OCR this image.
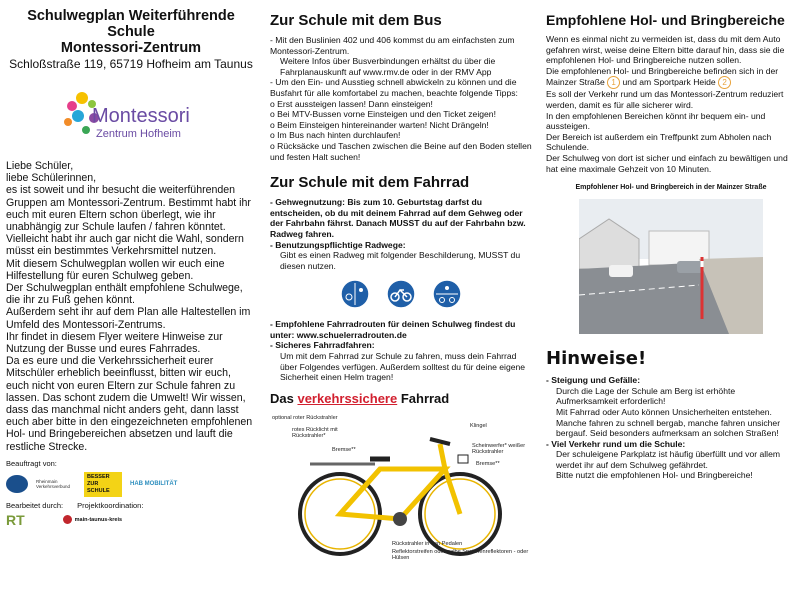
Schulwegplan Weiterführende Schule
Montessori-Zentrum
Schloßstraße 119, 65719 Hofheim am Taunus
Montessori
Zentrum Hofheim

Liebe Schüler,

liebe Schülerinnen,

es ist soweit und ihr besucht die weiterführenden Gruppen am Montessori-Zentrum. Bestimmt habt ihr euch mit euren Eltern schon überlegt, wie ihr unabhängig zur Schule laufen / fahren könntet.

Vielleicht habt ihr auch gar nicht die Wahl, sondern müsst ein bestimmtes Verkehrsmittel nutzen.

Mit diesem Schulwegplan wollen wir euch eine Hilfestellung für euren Schulweg geben.

Der Schulwegplan enthält empfohlene Schulwege, die ihr zu Fuß gehen könnt.

Außerdem seht ihr auf dem Plan alle Haltestellen im Umfeld des Montessori-Zentrums.

Ihr findet in diesem Flyer weitere Hinweise zur Nutzung der Busse und eures Fahrrades.

Da es eure und die Verkehrssicherheit eurer Mitschüler erheblich beeinflusst, bitten wir euch, euch nicht von euren Eltern zur Schule fahren zu lassen. Das schont zudem die Umwelt! Wir wissen, dass das manchmal nicht anders geht, dann lasst euch aber bitte in den eingezeichneten empfohlenen Hol- und Bringebereichen absetzen und lauft die restliche Strecke.

Beauftragt von:
Rheinmain Verkehrsverbund
BESSER ZUR SCHULE
HAB MOBILITÄT
Bearbeitet durch: Projektkoordination:
RT	main-taunus-kreis
Zur Schule mit dem Bus

- Mit den Buslinien 402 und 406 kommst du am einfachsten zum Montessori-Zentrum.

Weitere Infos über Busverbindungen erhältst du über die Fahrplanauskunft auf www.rmv.de oder in der RMV App

- Um den Ein- und Ausstieg schnell abwickeln zu können und die Busfahrt für alle komfortabel zu machen, beachte folgende Tipps:

o Erst aussteigen lassen! Dann einsteigen!

o Bei MTV-Bussen vorne Einsteigen und den Ticket zeigen!

o Beim Einsteigen hintereinander warten! Nicht Drängeln!

o Im Bus nach hinten durchlaufen!

o Rücksäcke und Taschen zwischen die Beine auf den Boden stellen und festen Halt suchen!

Zur Schule mit dem Fahrrad

- Gehwegnutzung: Bis zum 10. Geburtstag darfst du entscheiden, ob du mit deinem Fahrrad auf dem Gehweg oder der Fahrbahn fährst. Danach MUSST du auf der Fahrbahn bzw. Radweg fahren.

- Benutzungspflichtige Radwege:

Gibt es einen Radweg mit folgender Beschilderung, MUSST du diesen nutzen.

- Empfohlene Fahrradrouten für deinen Schulweg findest du unter: www.schuelerradrouten.de

- Sicheres Fahrradfahren:

Um mit dem Fahrrad zur Schule zu fahren, muss dein Fahrrad über Folgendes verfügen. Außerdem solltest du für deine eigene Sicherheit einen Helm tragen!

Das verkehrssichere Fahrrad
optional roter Rückstrahler
rotes Rücklicht mit Rückstrahler*
Bremse**
Klingel
Scheinwerfer* weißer Rückstrahler
Bremse**
Rückstrahler in den Pedalen
Reflektorstreifen oder gelbe Speichenreflektoren - oder Hülsen
Empfohlene Hol- und Bringbereiche

Wenn es einmal nicht zu vermeiden ist, dass du mit dem Auto gefahren wirst, weise deine Eltern bitte darauf hin, dass sie die empfohlenen Hol- und Bringbereiche nutzen sollen.

Die empfohlenen Hol- und Bringbereiche befinden sich in der Mainzer Straße 1 und am Sportpark Heide 2

Es soll der Verkehr rund um das Montessori-Zentrum reduziert werden, damit es für alle sicherer wird.

In den empfohlenen Bereichen könnt ihr bequem ein- und aussteigen.

Der Bereich ist außerdem ein Treffpunkt zum Abholen nach Schulende.

Der Schulweg von dort ist sicher und einfach zu bewältigen und hat eine maximale Gehzeit von 10 Minuten.

Empfohlener Hol- und Bringbereich in der Mainzer Straße
Hinweise!

- Steigung und Gefälle:

Durch die Lage der Schule am Berg ist erhöhte Aufmerksamkeit erforderlich!

Mit Fahrrad oder Auto können Unsicherheiten entstehen.

Manche fahren zu schnell bergab, manche fahren unsicher bergauf. Seid besonders aufmerksam an solchen Straßen!

- Viel Verkehr rund um die Schule:

Der schuleigene Parkplatz ist häufig überfüllt und vor allem werdet ihr auf dem Schulweg gefährdet.

Bitte nutzt die empfohlenen Hol- und Bringbereiche!
